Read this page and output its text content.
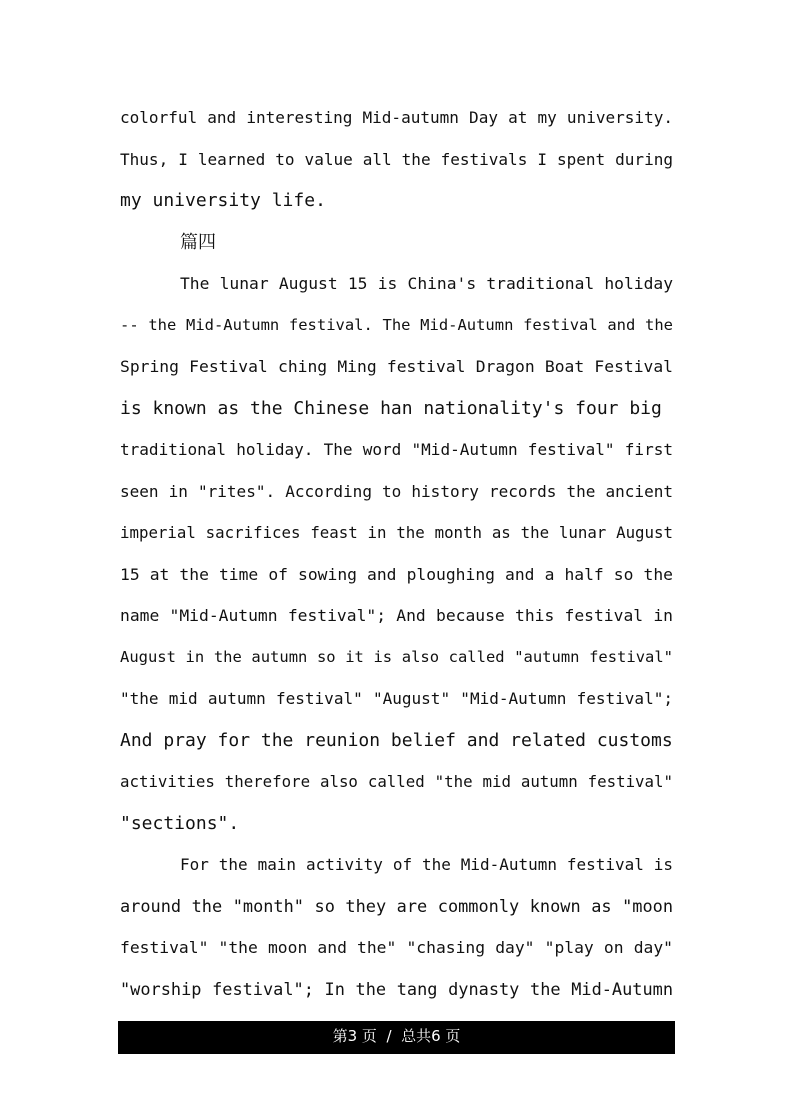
colorful and interesting Mid-autumn Day at my university.
Thus, I learned to value all the festivals I spent during
my university life.
篇四
The lunar August 15 is China's traditional holiday
-- the Mid-Autumn festival. The Mid-Autumn festival and the
Spring Festival ching Ming festival Dragon Boat Festival
is known as the Chinese han nationality's four big
traditional holiday. The word "Mid-Autumn festival" first
seen in "rites". According to history records the ancient
imperial sacrifices feast in the month as the lunar August
15 at the time of sowing and ploughing and a half so the
name "Mid-Autumn festival"; And because this festival in
August in the autumn so it is also called "autumn festival"
"the mid autumn festival" "August" "Mid-Autumn festival";
And pray for the reunion belief and related customs
activities therefore also called "the mid autumn festival"
"sections".
For the main activity of the Mid-Autumn festival is
around the "month" so they are commonly known as "moon
festival" "the moon and the" "chasing day" "play on day"
"worship festival"; In the tang dynasty the Mid-Autumn
第3 页  /  总共6 页
